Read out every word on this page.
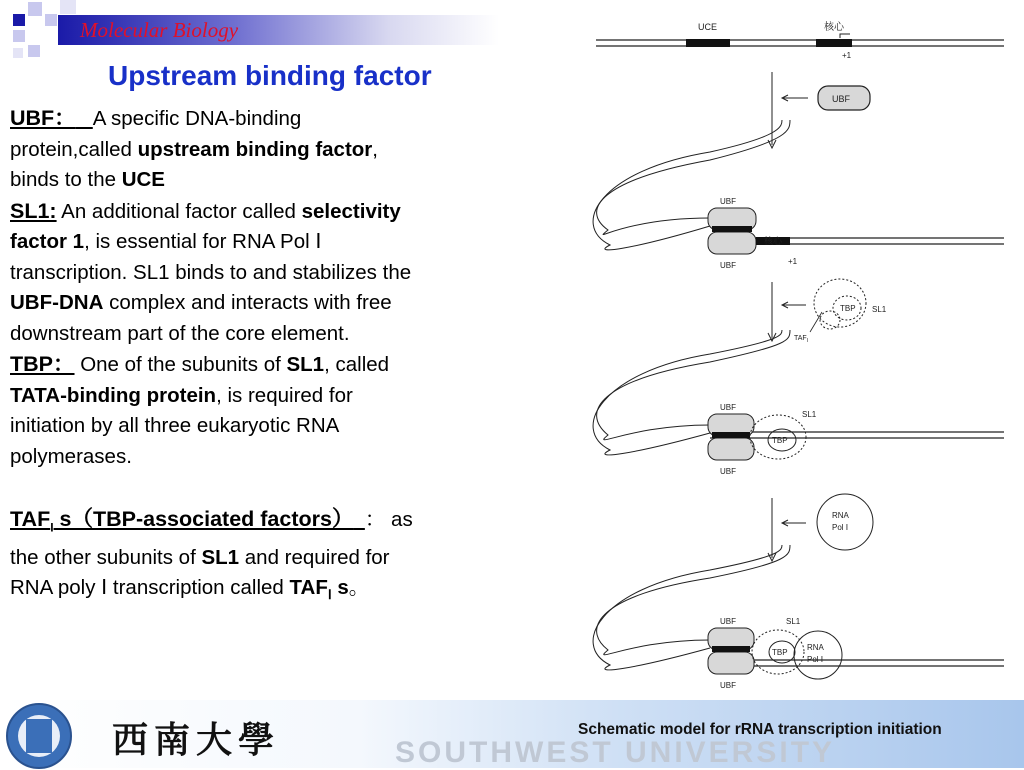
Molecular Biology
Upstream binding factor

UBF： A specific DNA-binding protein,called upstream binding factor, binds to the UCE

SL1: An additional factor called selectivity factor 1, is essential for RNA Pol Ⅰ transcription. SL1 binds to and stabilizes the UBF-DNA complex and interacts with free downstream part of the core element.

TBP： One of the subunits of SL1, called TATA-binding protein, is required for initiation by all three eukaryotic RNA polymerases.

$TAF_I$ s（TBP-associated factors） ： as the other subunits of SL1 and required for RNA poly Ⅰ transcription called $TAF_Ⅰ$ s。

UCE	核心
+1
UBF
UBF
UBF
核心
+1
TBP SL1
$TAF_I$
UBF
UBF
TBP
SL1
RNA
Pol Ⅰ
UBF
UBF
TBP
SL1
RNA
Pol Ⅰ
西南大學	SOUTHWEST UNIVERSITY
Schematic model for rRNA transcription initiation
